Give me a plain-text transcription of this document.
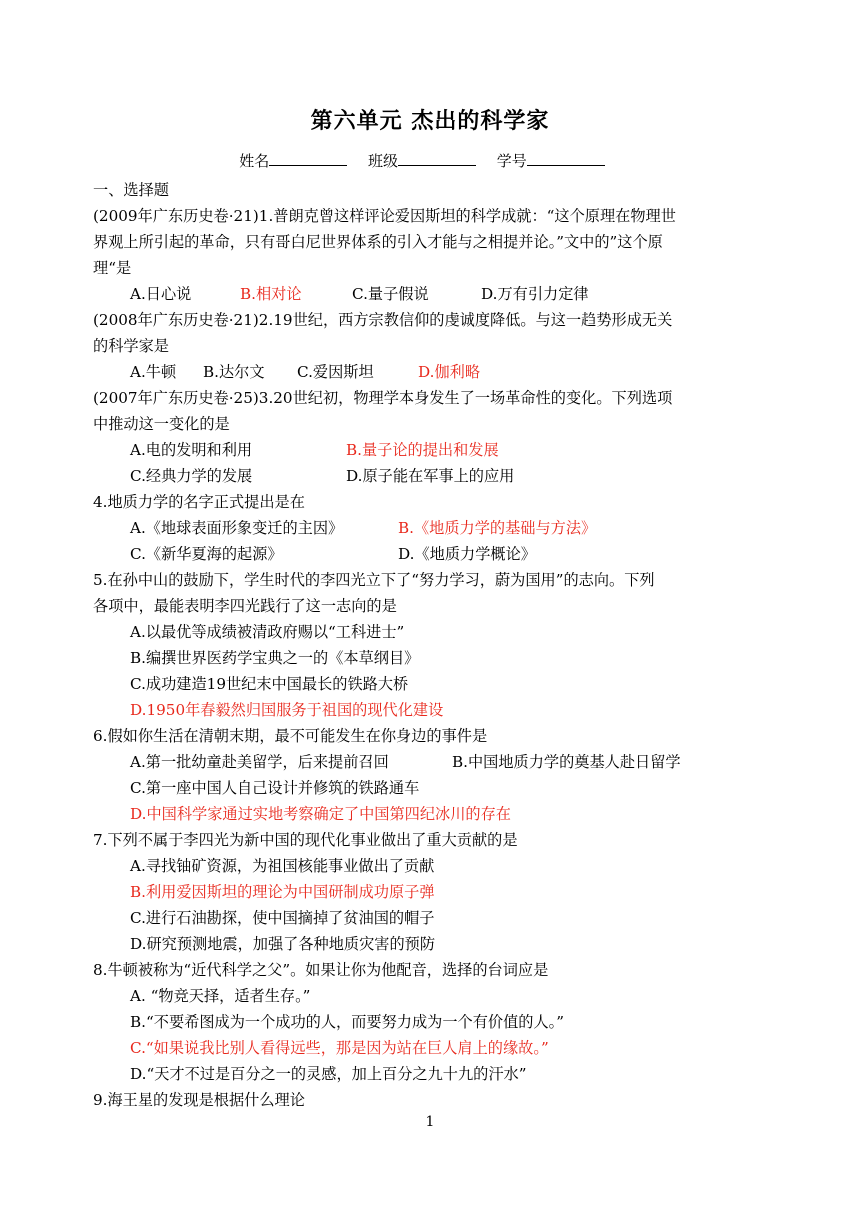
第六单元 杰出的科学家
姓名	班级	学号
一、选择题
(2009年广东历史卷·21)1.普朗克曾这样评论爱因斯坦的科学成就：“这个原理在物理世
界观上所引起的革命，只有哥白尼世界体系的引入才能与之相提并论。”文中的”这个原
理“是
A.日心说	B.相对论	C.量子假说	D.万有引力定律
(2008年广东历史卷·21)2.19世纪，西方宗教信仰的虔诚度降低。与这一趋势形成无关
的科学家是
A.牛顿 B.达尔文 C.爱因斯坦	D.伽利略
(2007年广东历史卷·25)3.20世纪初，物理学本身发生了一场革命性的变化。下列选项
中推动这一变化的是
A.电的发明和利用	B.量子论的提出和发展
C.经典力学的发展	D.原子能在军事上的应用
4.地质力学的名字正式提出是在
A.《地球表面形象变迁的主因》	B.《地质力学的基础与方法》
C.《新华夏海的起源》	D.《地质力学概论》
5.在孙中山的鼓励下，学生时代的李四光立下了“努力学习，蔚为国用”的志向。下列
各项中，最能表明李四光践行了这一志向的是
A.以最优等成绩被清政府赐以“工科进士”
B.编撰世界医药学宝典之一的《本草纲目》
C.成功建造19世纪末中国最长的铁路大桥
D.1950年春毅然归国服务于祖国的现代化建设
6.假如你生活在清朝末期，最不可能发生在你身边的事件是
A.第一批幼童赴美留学，后来提前召回	B.中国地质力学的奠基人赴日留学
C.第一座中国人自己设计并修筑的铁路通车
D.中国科学家通过实地考察确定了中国第四纪冰川的存在
7.下列不属于李四光为新中国的现代化事业做出了重大贡献的是
A.寻找铀矿资源，为祖国核能事业做出了贡献
B.利用爱因斯坦的理论为中国研制成功原子弹
C.进行石油勘探，使中国摘掉了贫油国的帽子
D.研究预测地震，加强了各种地质灾害的预防
8.牛顿被称为“近代科学之父”。如果让你为他配音，选择的台词应是
A. “物竞天择，适者生存。”
B.“不要希图成为一个成功的人，而要努力成为一个有价值的人。”
C.“如果说我比别人看得远些，那是因为站在巨人肩上的缘故。”
D.“天才不过是百分之一的灵感，加上百分之九十九的汗水”
9.海王星的发现是根据什么理论
1
